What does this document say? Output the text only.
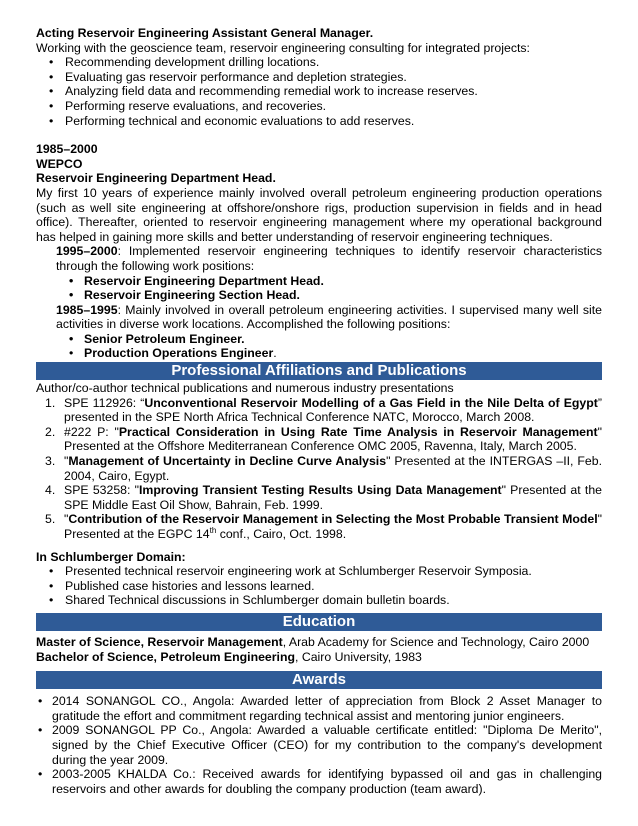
Acting Reservoir Engineering Assistant General Manager.

Working with the geoscience team, reservoir engineering consulting for integrated projects:

• Recommending development drilling locations.
• Evaluating gas reservoir performance and depletion strategies.
• Analyzing field data and recommending remedial work to increase reserves.
• Performing reserve evaluations, and recoveries.
• Performing technical and economic evaluations to add reserves.

1985–2000

WEPCO

Reservoir Engineering Department Head.

My first 10 years of experience mainly involved overall petroleum engineering production operations (such as well site engineering at offshore/onshore rigs, production supervision in fields and in head office). Thereafter, oriented to reservoir engineering management where my operational background has helped in gaining more skills and better understanding of reservoir engineering techniques.

1995–2000: Implemented reservoir engineering techniques to identify reservoir characteristics through the following work positions:

• Reservoir Engineering Department Head.
• Reservoir Engineering Section Head.

1985–1995: Mainly involved in overall petroleum engineering activities. I supervised many well site activities in diverse work locations. Accomplished the following positions:

• Senior Petroleum Engineer.
• Production Operations Engineer.
Professional Affiliations and Publications

Author/co-author technical publications and numerous industry presentations

1. SPE 112926: “Unconventional Reservoir Modelling of a Gas Field in the Nile Delta of Egypt” presented in the SPE North Africa Technical Conference NATC, Morocco, March 2008.
2. #222 P: "Practical Consideration in Using Rate Time Analysis in Reservoir Management" Presented at the Offshore Mediterranean Conference OMC 2005, Ravenna, Italy, March 2005.
3. "Management of Uncertainty in Decline Curve Analysis" Presented at the INTERGAS –II, Feb. 2004, Cairo, Egypt.
4. SPE 53258: "Improving Transient Testing Results Using Data Management" Presented at the SPE Middle East Oil Show, Bahrain, Feb. 1999.
5. "Contribution of the Reservoir Management in Selecting the Most Probable Transient Model" Presented at the EGPC 14th conf., Cairo, Oct. 1998.

In Schlumberger Domain:

• Presented technical reservoir engineering work at Schlumberger Reservoir Symposia.
• Published case histories and lessons learned.
• Shared Technical discussions in Schlumberger domain bulletin boards.
Education

Master of Science, Reservoir Management, Arab Academy for Science and Technology, Cairo 2000

Bachelor of Science, Petroleum Engineering, Cairo University, 1983

Awards
• 2014 SONANGOL CO., Angola: Awarded letter of appreciation from Block 2 Asset Manager to gratitude the effort and commitment regarding technical assist and mentoring junior engineers.
• 2009 SONANGOL PP Co., Angola: Awarded a valuable certificate entitled: "Diploma De Merito", signed by the Chief Executive Officer (CEO) for my contribution to the company's development during the year 2009.
• 2003-2005 KHALDA Co.: Received awards for identifying bypassed oil and gas in challenging reservoirs and other awards for doubling the company production (team award).
